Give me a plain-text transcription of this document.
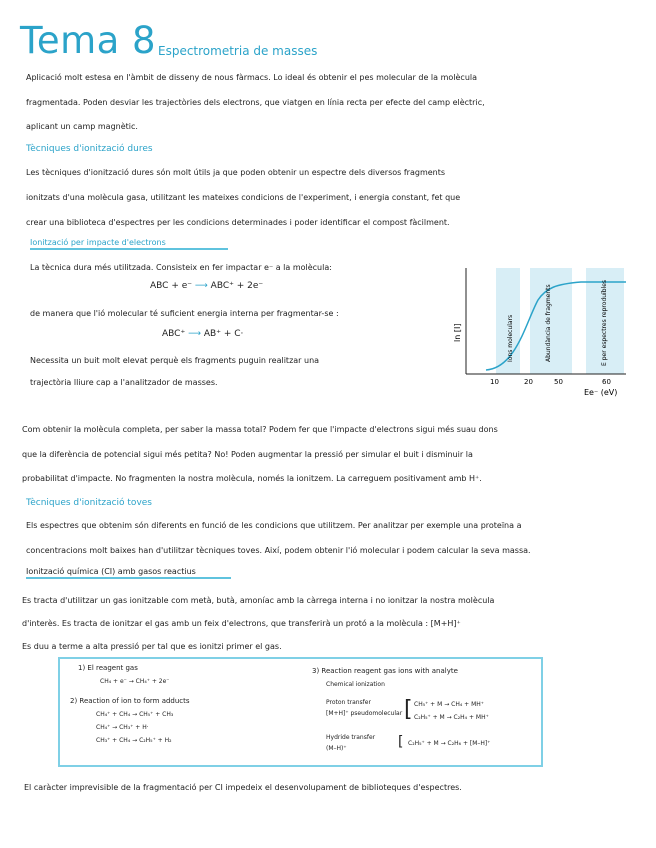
Tema 8 Espectrometria de masses
Aplicació molt estesa en l'àmbit de disseny de nous fàrmacs. Lo ideal és obtenir el pes molecular de la molècula
fragmentada. Poden desviar les trajectòries dels electrons, que viatgen en línia recta per efecte del camp elèctric,
aplicant un camp magnètic.
Tècniques d'ionització dures
Les tècniques d'ionització dures són molt útils ja que poden obtenir un espectre dels diversos fragments
ionitzats d'una molècula gasa, utilitzant les mateixes condicions de l'experiment, i energia constant, fet que
crear una biblioteca d'espectres per les condicions determinades i poder identificar el compost fàcilment.
Ionització per impacte d'electrons
La tècnica dura més utilitzada. Consisteix en fer impactar e⁻ a la molècula:
ABC + e⁻ ⟶ ABC⁺ + 2e⁻
de manera que l'ió molecular té suficient energia interna per fragmentar-se :
ABC⁺ ⟶ AB⁺ + C·
Necessita un buit molt elevat perquè els fragments puguin realitzar una
trajectòria lliure cap a l'analitzador de masses.	10	20	50	60
Ee⁻ (eV)
ln [I]	Ions moleculars	Abundància de fragments	E per espectres reproduïbles
Com obtenir la molècula completa, per saber la massa total? Podem fer que l'impacte d'electrons sigui més suau dons
que la diferència de potencial sigui més petita? No! Poden augmentar la pressió per simular el buit i disminuir la
probabilitat d'impacte. No fragmenten la nostra molècula, només la ionitzem. La carreguem positivament amb H⁺.
Tècniques d'ionització toves
Els espectres que obtenim són diferents en funció de les condicions que utilitzem. Per analitzar per exemple una proteïna a
concentracions molt baixes han d'utilitzar tècniques toves. Així, podem obtenir l'ió molecular i podem calcular la seva massa.
Ionització química (CI) amb gasos reactius
Es tracta d'utilitzar un gas ionitzable com metà, butà, amoníac amb la càrrega interna i no ionitzar la nostra molècula
d'interès. Es tracta de ionitzar el gas amb un feix d'electrons, que transferirà un protó a la molècula : [M+H]⁺
Es duu a terme a alta pressió per tal que es ionitzi primer el gas.
1) El reagent gas
CH₄ + e⁻ → CH₄⁺ + 2e⁻
2) Reaction of ion to form adducts
CH₄⁺ + CH₄ → CH₅⁺ + CH₃
CH₄⁺ → CH₃⁺ + H·
CH₃⁺ + CH₄ → C₂H₅⁺ + H₂
3) Reaction reagent gas ions with analyte
Chemical ionization
Proton transfer
[M+H]⁺ pseudomolecular [ CH₅⁺ + M → CH₄ + MH⁺
C₂H₅⁺ + M → C₂H₄ + MH⁺
Hydride transfer
(M–H)⁺	[ C₂H₅⁺ + M → C₂H₆ + [M–H]⁺
El caràcter imprevisible de la fragmentació per CI impedeix el desenvolupament de biblioteques d'espectres.
